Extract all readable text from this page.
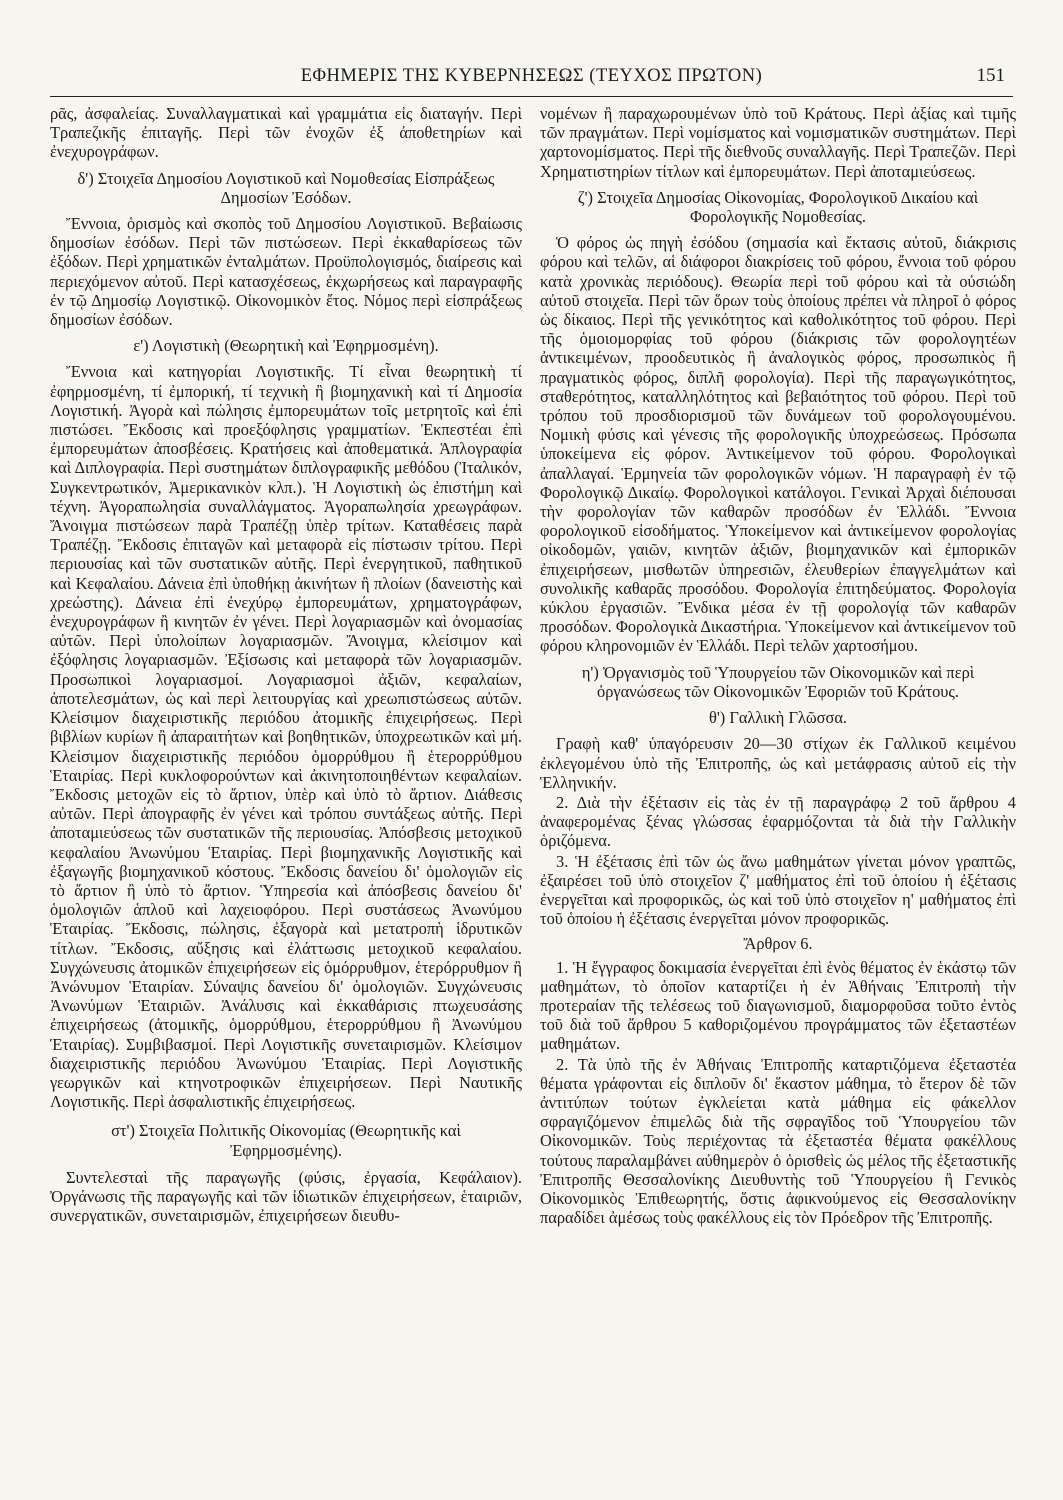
ΕΦΗΜΕΡΙΣ ΤΗΣ ΚΥΒΕΡΝΗΣΕΩΣ (ΤΕΥΧΟΣ ΠΡΩΤΟΝ)	151

ρᾶς, ἀσφαλείας. Συναλλαγματικαὶ καὶ γραμμάτια εἰς διαταγήν. Περὶ Τραπεζικῆς ἐπιταγῆς. Περὶ τῶν ἐνοχῶν ἐξ ἀποθετηρίων καὶ ἐνεχυρογράφων.

δ') Στοιχεῖα Δημοσίου Λογιστικοῦ καὶ Νομοθεσίας Εἰσπράξεως Δημοσίων Ἐσόδων.

Ἔννοια, ὁρισμὸς καὶ σκοπὸς τοῦ Δημοσίου Λογιστικοῦ. Βεβαίωσις δημοσίων ἐσόδων. Περὶ τῶν πιστώσεων. Περὶ ἐκκαθαρίσεως τῶν ἐξόδων. Περὶ χρηματικῶν ἐνταλμάτων. Προϋπολογισμός, διαίρεσις καὶ περιεχόμενον αὐτοῦ. Περὶ κατασχέσεως, ἐκχωρήσεως καὶ παραγραφῆς ἐν τῷ Δημοσίῳ Λογιστικῷ. Οἰκονομικὸν ἔτος. Νόμος περὶ εἰσπράξεως δημοσίων ἐσόδων.

ε') Λογιστικὴ (Θεωρητικὴ καὶ Ἐφηρμοσμένη).

Ἔννοια καὶ κατηγορίαι Λογιστικῆς. Τί εἶναι θεωρητικὴ τί ἐφηρμοσμένη, τί ἐμπορική, τί τεχνικὴ ἢ βιομηχανικὴ καὶ τί Δημοσία Λογιστική. Ἀγορὰ καὶ πώλησις ἐμπορευμάτων τοῖς μετρητοῖς καὶ ἐπὶ πιστώσει. Ἔκδοσις καὶ προεξόφλησις γραμματίων. Ἐκπεστέαι ἐπὶ ἐμπορευμάτων ἀποσβέσεις. Κρατήσεις καὶ ἀποθεματικά. Ἁπλογραφία καὶ Διπλογραφία. Περὶ συστημάτων διπλογραφικῆς μεθόδου (Ἰταλικόν, Συγκεντρωτικόν, Ἀμερικανικὸν κλπ.). Ἡ Λογιστικὴ ὡς ἐπιστήμη καὶ τέχνη. Ἀγοραπωλησία συναλλάγματος. Ἀγοραπωλησία χρεωγράφων. Ἄνοιγμα πιστώσεων παρὰ Τραπέζῃ ὑπὲρ τρίτων. Καταθέσεις παρὰ Τραπέζῃ. Ἔκδοσις ἐπιταγῶν καὶ μεταφορὰ εἰς πίστωσιν τρίτου. Περὶ περιουσίας καὶ τῶν συστατικῶν αὐτῆς. Περὶ ἐνεργητικοῦ, παθητικοῦ καὶ Κεφαλαίου. Δάνεια ἐπὶ ὑποθήκῃ ἀκινήτων ἢ πλοίων (δανειστὴς καὶ χρεώστης). Δάνεια ἐπὶ ἐνεχύρῳ ἐμπορευμάτων, χρηματογράφων, ἐνεχυρογράφων ἢ κινητῶν ἐν γένει. Περὶ λογαριασμῶν καὶ ὀνομασίας αὐτῶν. Περὶ ὑπολοίπων λογαριασμῶν. Ἄνοιγμα, κλείσιμον καὶ ἐξόφλησις λογαριασμῶν. Ἐξίσωσις καὶ μεταφορὰ τῶν λογαριασμῶν. Προσωπικοὶ λογαριασμοί. Λογαριασμοὶ ἀξιῶν, κεφαλαίων, ἀποτελεσμάτων, ὡς καὶ περὶ λειτουργίας καὶ χρεωπιστώσεως αὐτῶν. Κλείσιμον διαχειριστικῆς περιόδου ἀτομικῆς ἐπιχειρήσεως. Περὶ βιβλίων κυρίων ἢ ἀπαραιτήτων καὶ βοηθητικῶν, ὑποχρεωτικῶν καὶ μή. Κλείσιμον διαχειριστικῆς περιόδου ὁμορρύθμου ἢ ἑτερορρύθμου Ἑταιρίας. Περὶ κυκλοφορούντων καὶ ἀκινητοποιηθέντων κεφαλαίων. Ἔκδοσις μετοχῶν εἰς τὸ ἄρτιον, ὑπὲρ καὶ ὑπὸ τὸ ἄρτιον. Διάθεσις αὐτῶν. Περὶ ἀπογραφῆς ἐν γένει καὶ τρόπου συντάξεως αὐτῆς. Περὶ ἀποταμιεύσεως τῶν συστατικῶν τῆς περιουσίας. Ἀπόσβεσις μετοχικοῦ κεφαλαίου Ἀνωνύμου Ἑταιρίας. Περὶ βιομηχανικῆς Λογιστικῆς καὶ ἐξαγωγῆς βιομηχανικοῦ κόστους. Ἔκδοσις δανείου δι' ὁμολογιῶν εἰς τὸ ἄρτιον ἢ ὑπὸ τὸ ἄρτιον. Ὑπηρεσία καὶ ἀπόσβεσις δανείου δι' ὁμολογιῶν ἁπλοῦ καὶ λαχειοφόρου. Περὶ συστάσεως Ἀνωνύμου Ἑταιρίας. Ἔκδοσις, πώλησις, ἐξαγορὰ καὶ μετατροπὴ ἱδρυτικῶν τίτλων. Ἔκδοσις, αὔξησις καὶ ἐλάττωσις μετοχικοῦ κεφαλαίου. Συγχώνευσις ἀτομικῶν ἐπιχειρήσεων εἰς ὁμόρρυθμον, ἑτερόρρυθμον ἢ Ἀνώνυμον Ἑταιρίαν. Σύναψις δανείου δι' ὁμολογιῶν. Συγχώνευσις Ἀνωνύμων Ἑταιριῶν. Ἀνάλυσις καὶ ἐκκαθάρισις πτωχευσάσης ἐπιχειρήσεως (ἀτομικῆς, ὁμορρύθμου, ἑτερορρύθμου ἢ Ἀνωνύμου Ἑταιρίας). Συμβιβασμοί. Περὶ Λογιστικῆς συνεταιρισμῶν. Κλείσιμον διαχειριστικῆς περιόδου Ἀνωνύμου Ἑταιρίας. Περὶ Λογιστικῆς γεωργικῶν καὶ κτηνοτροφικῶν ἐπιχειρήσεων. Περὶ Ναυτικῆς Λογιστικῆς. Περὶ ἀσφαλιστικῆς ἐπιχειρήσεως.

στ') Στοιχεῖα Πολιτικῆς Οἰκονομίας (Θεωρητικῆς καὶ Ἐφηρμοσμένης).

Συντελεσταὶ τῆς παραγωγῆς (φύσις, ἐργασία, Κεφάλαιον). Ὀργάνωσις τῆς παραγωγῆς καὶ τῶν ἰδιωτικῶν ἐπιχειρήσεων, ἑταιριῶν, συνεργατικῶν, συνεταιρισμῶν, ἐπιχειρήσεων διευθυ-

νομένων ἢ παραχωρουμένων ὑπὸ τοῦ Κράτους. Περὶ ἀξίας καὶ τιμῆς τῶν πραγμάτων. Περὶ νομίσματος καὶ νομισματικῶν συστημάτων. Περὶ χαρτονομίσματος. Περὶ τῆς διεθνοῦς συναλλαγῆς. Περὶ Τραπεζῶν. Περὶ Χρηματιστηρίων τίτλων καὶ ἐμπορευμάτων. Περὶ ἀποταμιεύσεως.

ζ') Στοιχεῖα Δημοσίας Οἰκονομίας, Φορολογικοῦ Δικαίου καὶ Φορολογικῆς Νομοθεσίας.

Ὁ φόρος ὡς πηγὴ ἐσόδου (σημασία καὶ ἔκτασις αὐτοῦ, διάκρισις φόρου καὶ τελῶν, αἱ διάφοροι διακρίσεις τοῦ φόρου, ἔννοια τοῦ φόρου κατὰ χρονικὰς περιόδους). Θεωρία περὶ τοῦ φόρου καὶ τὰ οὐσιώδη αὐτοῦ στοιχεῖα. Περὶ τῶν ὅρων τοὺς ὁποίους πρέπει νὰ πληροῖ ὁ φόρος ὡς δίκαιος. Περὶ τῆς γενικότητος καὶ καθολικότητος τοῦ φόρου. Περὶ τῆς ὁμοιομορφίας τοῦ φόρου (διάκρισις τῶν φορολογητέων ἀντικειμένων, προοδευτικὸς ἢ ἀναλογικὸς φόρος, προσωπικὸς ἢ πραγματικὸς φόρος, διπλῆ φορολογία). Περὶ τῆς παραγωγικότητος, σταθερότητος, καταλληλότητος καὶ βεβαιότητος τοῦ φόρου. Περὶ τοῦ τρόπου τοῦ προσδιορισμοῦ τῶν δυνάμεων τοῦ φορολογουμένου. Νομικὴ φύσις καὶ γένεσις τῆς φορολογικῆς ὑποχρεώσεως. Πρόσωπα ὑποκείμενα εἰς φόρον. Ἀντικείμενον τοῦ φόρου. Φορολογικαὶ ἀπαλλαγαί. Ἑρμηνεία τῶν φορολογικῶν νόμων. Ἡ παραγραφὴ ἐν τῷ Φορολογικῷ Δικαίῳ. Φορολογικοὶ κατάλογοι. Γενικαὶ Ἀρχαὶ διέπουσαι τὴν φορολογίαν τῶν καθαρῶν προσόδων ἐν Ἑλλάδι. Ἔννοια φορολογικοῦ εἰσοδήματος. Ὑποκείμενον καὶ ἀντικείμενον φορολογίας οἰκοδομῶν, γαιῶν, κινητῶν ἀξιῶν, βιομηχανικῶν καὶ ἐμπορικῶν ἐπιχειρήσεων, μισθωτῶν ὑπηρεσιῶν, ἐλευθερίων ἐπαγγελμάτων καὶ συνολικῆς καθαρᾶς προσόδου. Φορολογία ἐπιτηδεύματος. Φορολογία κύκλου ἐργασιῶν. Ἔνδικα μέσα ἐν τῇ φορολογίᾳ τῶν καθαρῶν προσόδων. Φορολογικὰ Δικαστήρια. Ὑποκείμενον καὶ ἀντικείμενον τοῦ φόρου κληρονομιῶν ἐν Ἑλλάδι. Περὶ τελῶν χαρτοσήμου.

η') Ὀργανισμὸς τοῦ Ὑπουργείου τῶν Οἰκονομικῶν καὶ περὶ ὀργανώσεως τῶν Οἰκονομικῶν Ἐφοριῶν τοῦ Κράτους.

θ') Γαλλικὴ Γλῶσσα.

Γραφὴ καθ' ὑπαγόρευσιν 20—30 στίχων ἐκ Γαλλικοῦ κειμένου ἐκλεγομένου ὑπὸ τῆς Ἐπιτροπῆς, ὡς καὶ μετάφρασις αὐτοῦ εἰς τὴν Ἑλληνικήν.

2. Διὰ τὴν ἐξέτασιν εἰς τὰς ἐν τῇ παραγράφῳ 2 τοῦ ἄρθρου 4 ἀναφερομένας ξένας γλώσσας ἐφαρμόζονται τὰ διὰ τὴν Γαλλικὴν ὁριζόμενα.

3. Ἡ ἐξέτασις ἐπὶ τῶν ὡς ἄνω μαθημάτων γίνεται μόνον γραπτῶς, ἐξαιρέσει τοῦ ὑπὸ στοιχεῖον ζ' μαθήματος ἐπὶ τοῦ ὁποίου ἡ ἐξέτασις ἐνεργεῖται καὶ προφορικῶς, ὡς καὶ τοῦ ὑπὸ στοιχεῖον η' μαθήματος ἐπὶ τοῦ ὁποίου ἡ ἐξέτασις ἐνεργεῖται μόνον προφορικῶς.

Ἄρθρον 6.

1. Ἡ ἔγγραφος δοκιμασία ἐνεργεῖται ἐπὶ ἑνὸς θέματος ἐν ἑκάστῳ τῶν μαθημάτων, τὸ ὁποῖον καταρτίζει ἡ ἐν Ἀθήναις Ἐπιτροπὴ τὴν προτεραίαν τῆς τελέσεως τοῦ διαγωνισμοῦ, διαμορφοῦσα τοῦτο ἐντὸς τοῦ διὰ τοῦ ἄρθρου 5 καθοριζομένου προγράμματος τῶν ἐξεταστέων μαθημάτων.

2. Τὰ ὑπὸ τῆς ἐν Ἀθήναις Ἐπιτροπῆς καταρτιζόμενα ἐξεταστέα θέματα γράφονται εἰς διπλοῦν δι' ἕκαστον μάθημα, τὸ ἕτερον δὲ τῶν ἀντιτύπων τούτων ἐγκλείεται κατὰ μάθημα εἰς φάκελλον σφραγιζόμενον ἐπιμελῶς διὰ τῆς σφραγῖδος τοῦ Ὑπουργείου τῶν Οἰκονομικῶν. Τοὺς περιέχοντας τὰ ἐξεταστέα θέματα φακέλλους τούτους παραλαμβάνει αὐθημερὸν ὁ ὁρισθεὶς ὡς μέλος τῆς ἐξεταστικῆς Ἐπιτροπῆς Θεσσαλονίκης Διευθυντὴς τοῦ Ὑπουργείου ἢ Γενικὸς Οἰκονομικὸς Ἐπιθεωρητής, ὅστις ἀφικνούμενος εἰς Θεσσαλονίκην παραδίδει ἀμέσως τοὺς φακέλλους εἰς τὸν Πρόεδρον τῆς Ἐπιτροπῆς.
